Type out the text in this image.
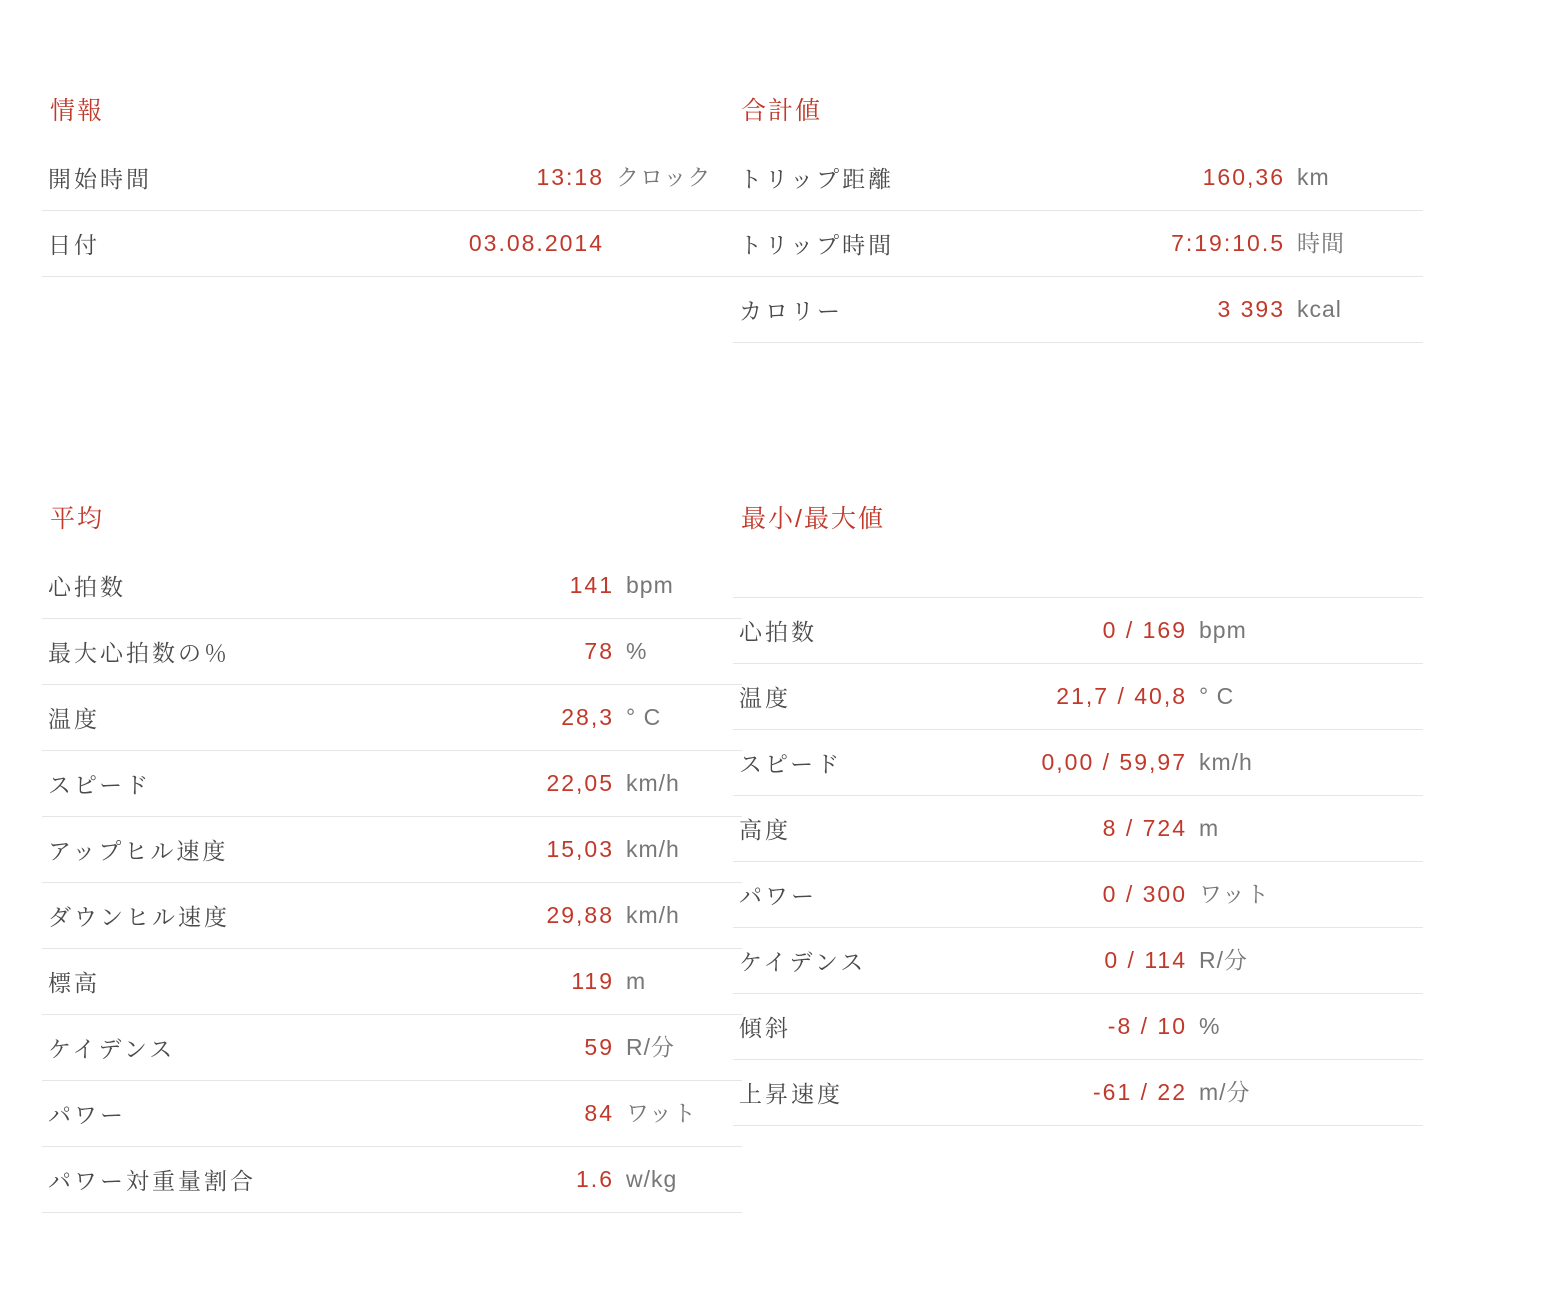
情報
開始時間	13:18	クロック
日付	03.08.2014	
合計値
トリップ距離	160,36	km
トリップ時間	7:19:10.5	時間
カロリー	3 393	kcal
平均
心拍数	141	bpm
最大心拍数の％	78	%
温度	28,3	° C
スピード	22,05	km/h
アップヒル速度	15,03	km/h
ダウンヒル速度	29,88	km/h
標高	119	m
ケイデンス	59	R/分
パワー	84	ワット
パワー対重量割合	1.6	w/kg
最小/最大値

心拍数	0 / 169	bpm
温度	21,7 / 40,8	° C
スピード	0,00 / 59,97	km/h
高度	8 / 724	m
パワー	0 / 300	ワット
ケイデンス	0 / 114	R/分
傾斜	-8 / 10	%
上昇速度	-61 / 22	m/分
